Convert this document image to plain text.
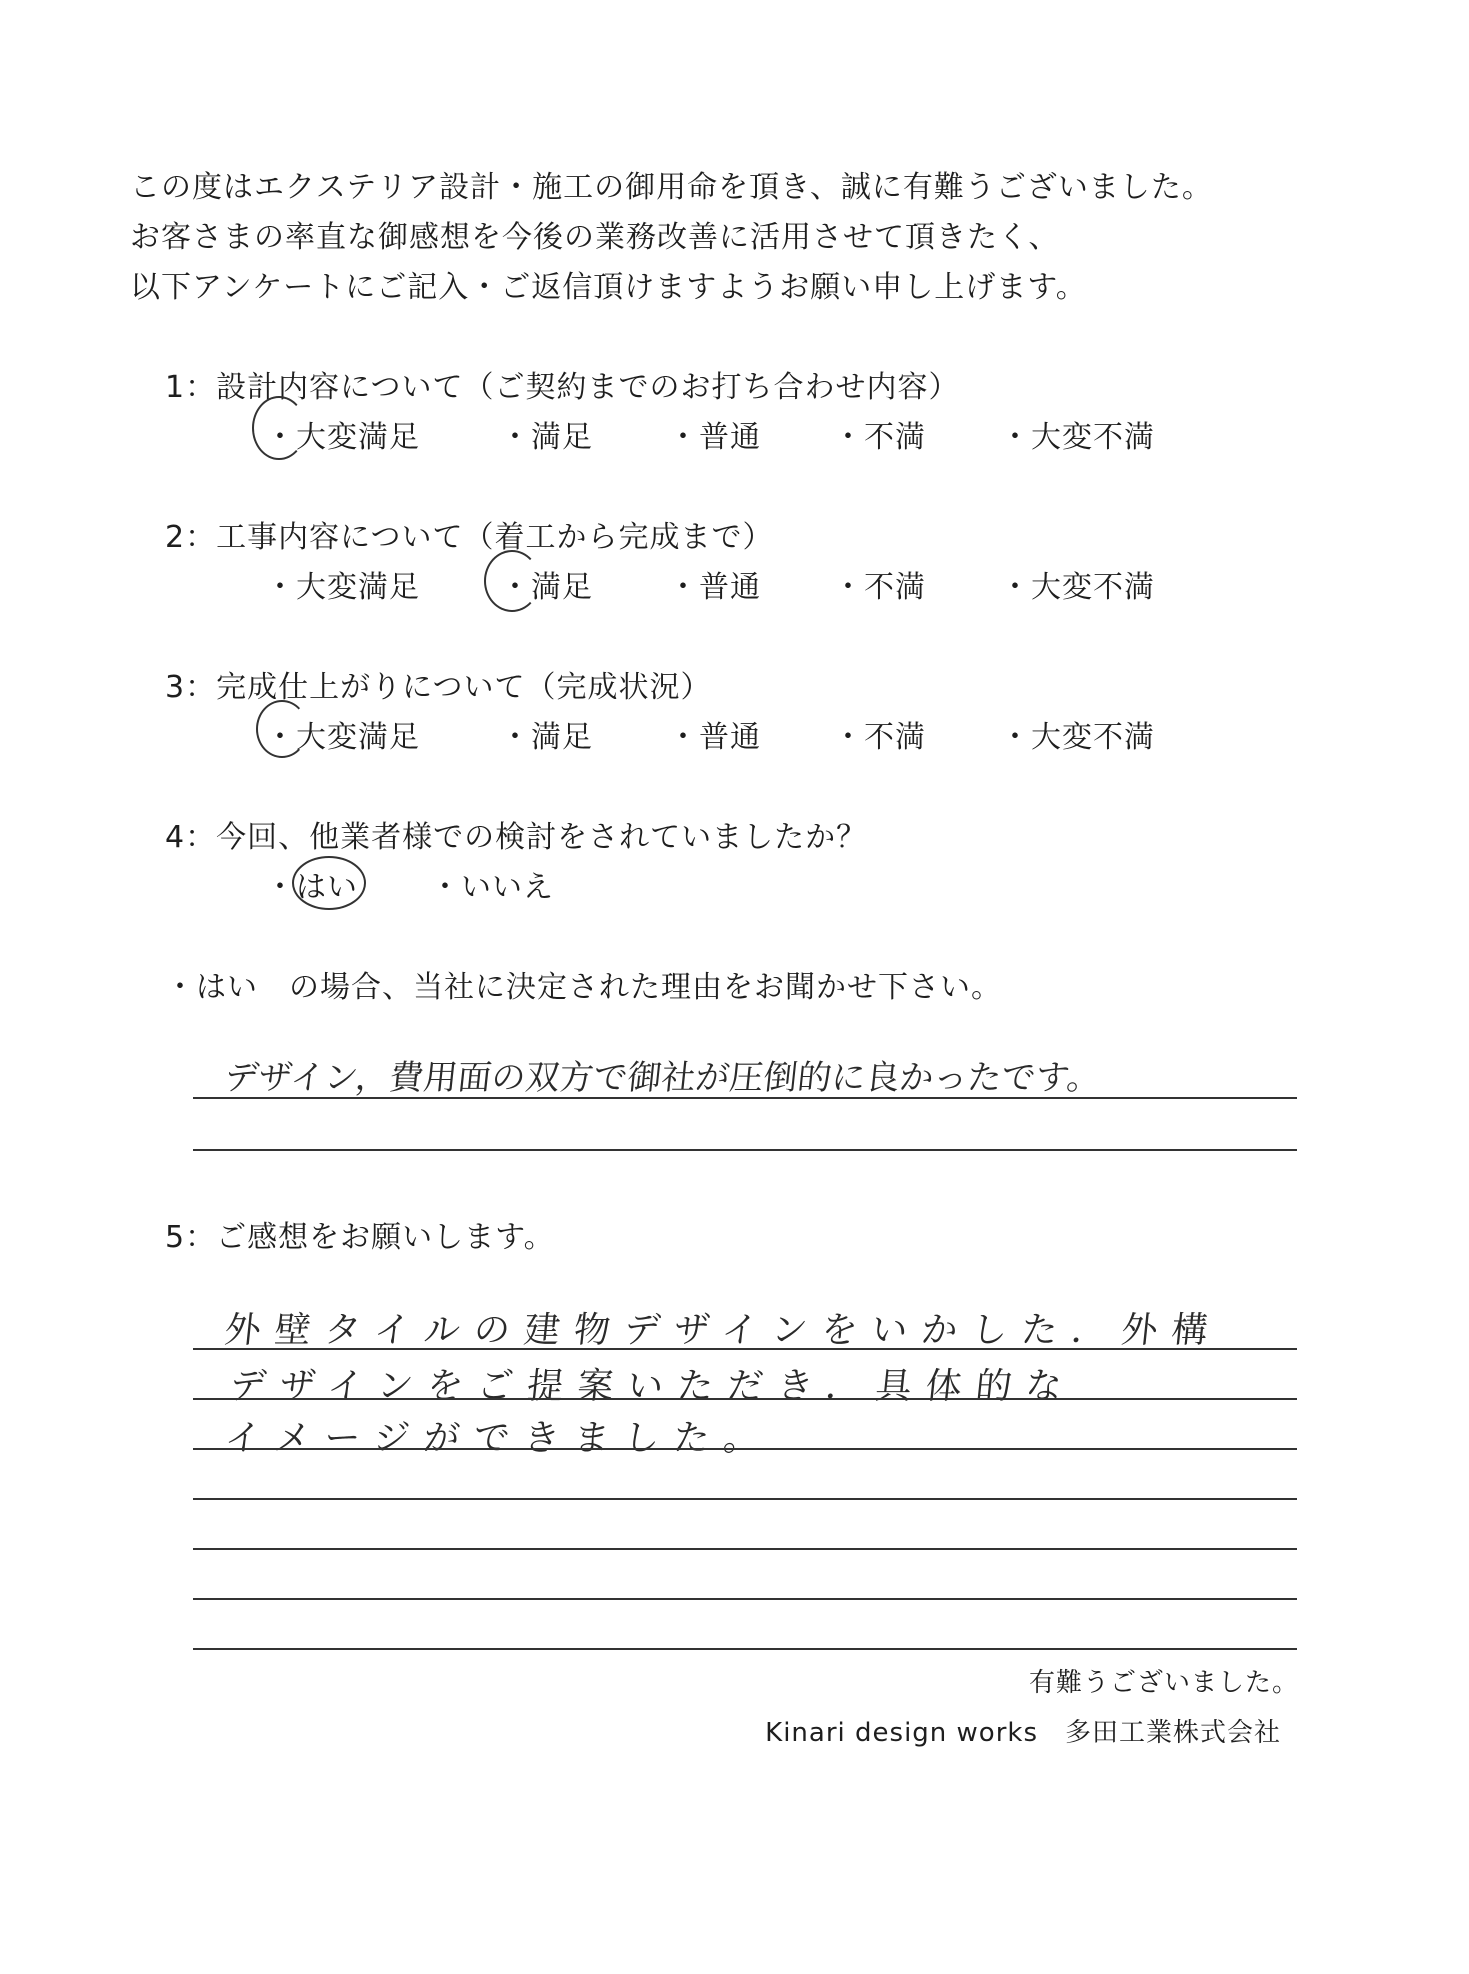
この度はエクステリア設計・施工の御用命を頂き、誠に有難うございました。
お客さまの率直な御感想を今後の業務改善に活用させて頂きたく、
以下アンケートにご記入・ご返信頂けますようお願い申し上げます。
1：設計内容について（ご契約までのお打ち合わせ内容）
・大変満足	・満足	・普通 ・不満 ・大変不満
2：工事内容について（着工から完成まで）
・大変満足	・満足	・普通 ・不満 ・大変不満
3：完成仕上がりについて（完成状況）
・大変満足	・満足	・普通 ・不満 ・大変不満
4：今回、他業者様での検討をされていましたか？
・はい ・いいえ
・はい　の場合、当社に決定された理由をお聞かせ下さい。
デザイン，費用面の双方で御社が圧倒的に良かったです。
5：ご感想をお願いします。
外壁タイルの建物デザインをいかした．外構
デザインをご提案いただき．具体的な
イメージができました。
有難うございました。
Kinari design works　多田工業株式会社
